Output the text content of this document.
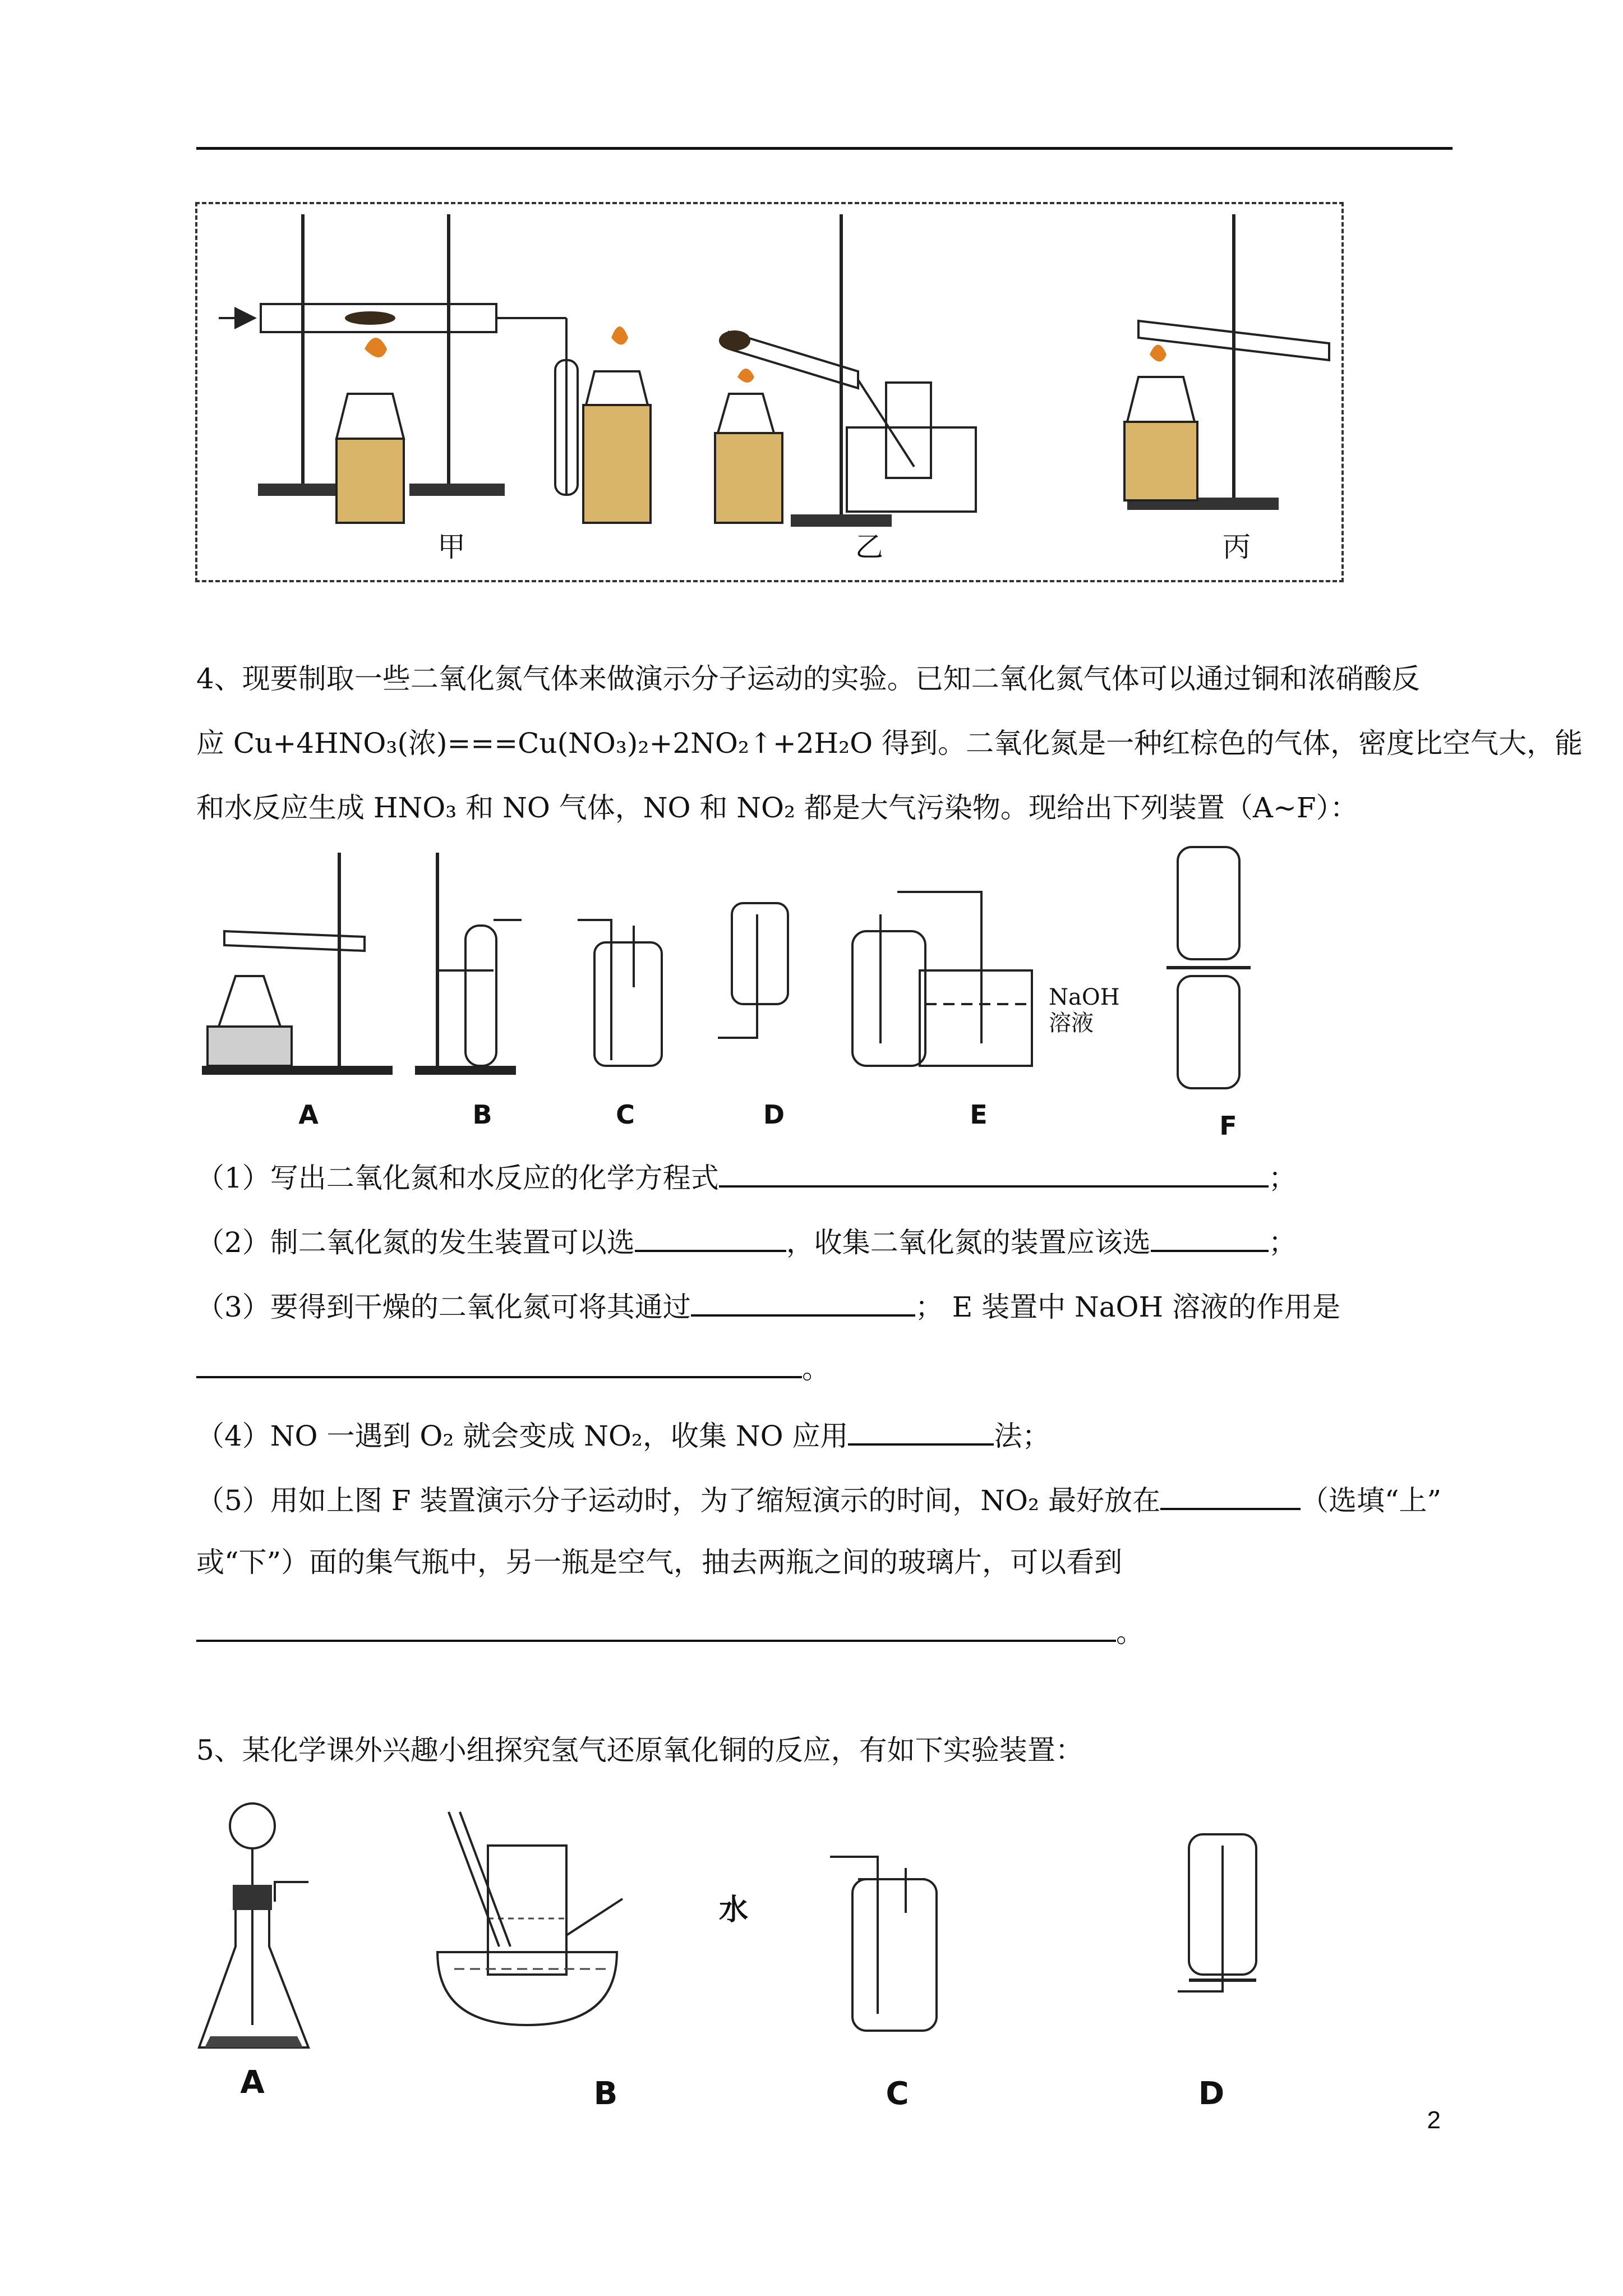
甲	乙	丙
4、现要制取一些二氧化氮气体来做演示分子运动的实验。已知二氧化氮气体可以通过铜和浓硝酸反
应 Cu+4HNO₃(浓)===Cu(NO₃)₂+2NO₂↑+2H₂O 得到。二氧化氮是一种红棕色的气体，密度比空气大，能
和水反应生成 HNO₃ 和 NO 气体，NO 和 NO₂ 都是大气污染物。现给出下列装置（A~F）：
NaOH
溶液
A	B	C	D	E	F
（1）写出二氧化氮和水反应的化学方程式	；
（2）制二氧化氮的发生装置可以选	，收集二氧化氮的装置应该选	；
（3）要得到干燥的二氧化氮可将其通过	； E 装置中 NaOH 溶液的作用是
。
（4）NO 一遇到 O₂ 就会变成 NO₂，收集 NO 应用	法；
（5）用如上图 F 装置演示分子运动时，为了缩短演示的时间，NO₂ 最好放在	（选填“上”
或“下”）面的集气瓶中，另一瓶是空气，抽去两瓶之间的玻璃片，可以看到
。
5、某化学课外兴趣小组探究氢气还原氧化铜的反应，有如下实验装置：
水
A	B	C	D
2
